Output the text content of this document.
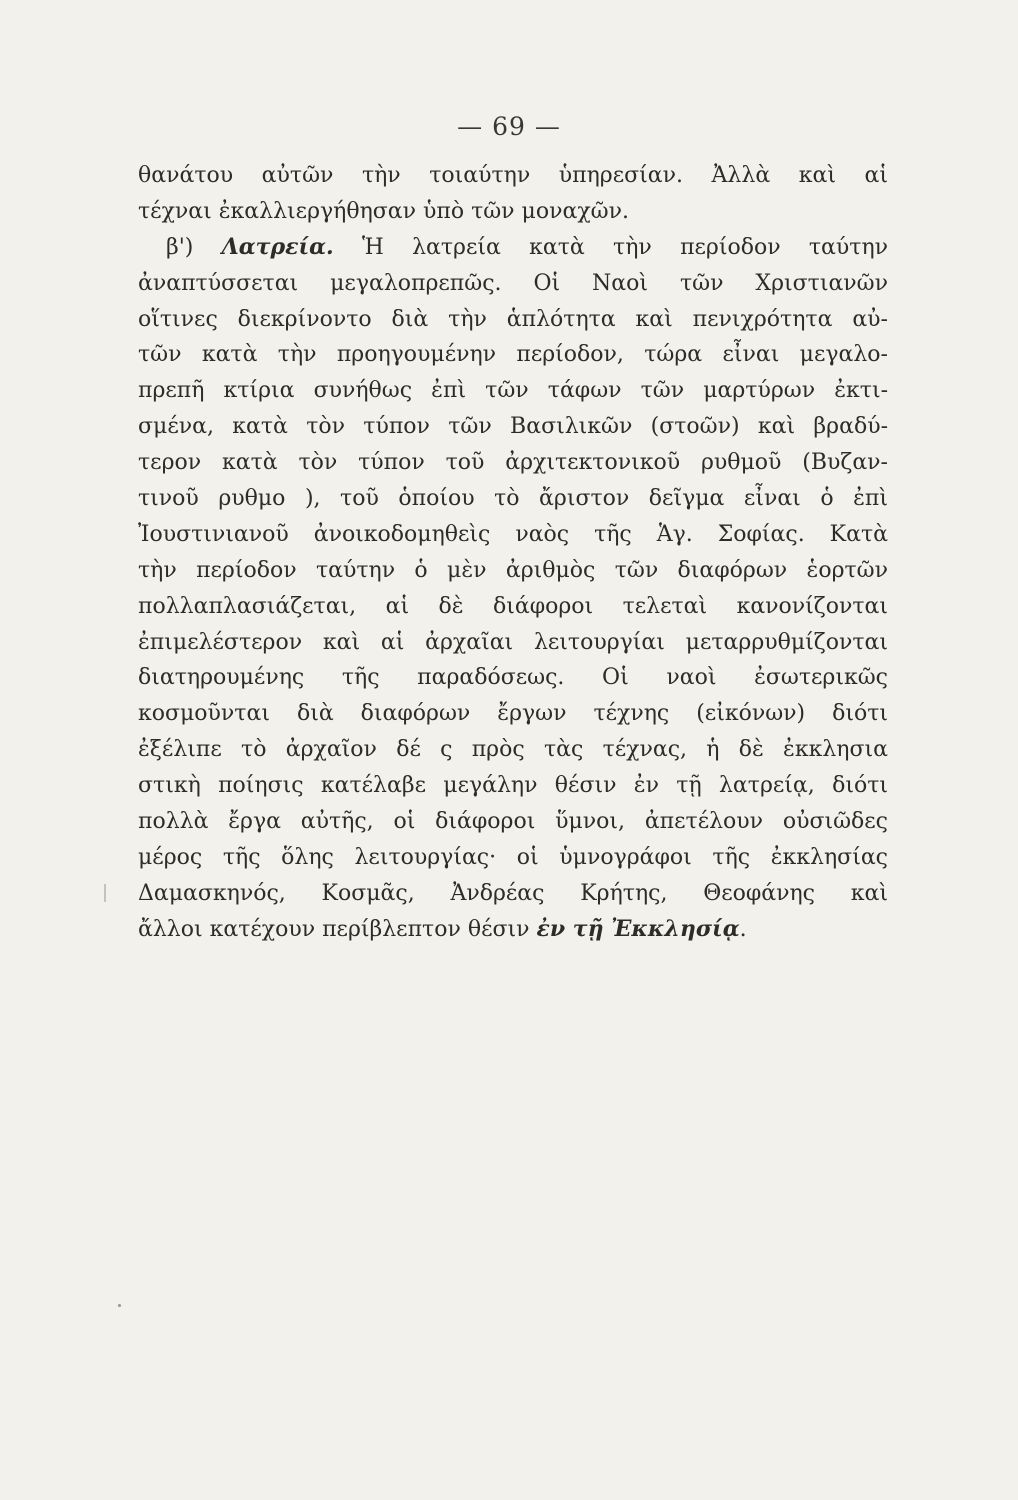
— 69 —
θανάτου αὐτῶν τὴν τοιαύτην ὑπηρεσίαν. Ἀλλὰ καὶ αἱ
τέχναι ἐκαλλιεργήθησαν ὑπὸ τῶν μοναχῶν.
β') Λατρεία. Ἡ λατρεία κατὰ τὴν περίοδον ταύτην
ἀναπτύσσεται μεγαλοπρεπῶς. Οἱ Ναοὶ τῶν Χριστιανῶν
οἵτινες διεκρίνοντο διὰ τὴν ἁπλότητα καὶ πενιχρότητα αὐ-
τῶν κατὰ τὴν προηγουμένην περίοδον, τώρα εἶναι μεγαλο-
πρεπῆ κτίρια συνήθως ἐπὶ τῶν τάφων τῶν μαρτύρων ἐκτι-
σμένα, κατὰ τὸν τύπον τῶν Βασιλικῶν (στοῶν) καὶ βραδύ-
τερον κατὰ τὸν τύπον τοῦ ἀρχιτεκτονικοῦ ρυθμοῦ (Βυζαν-
τινοῦ ρυθμο ), τοῦ ὁποίου τὸ ἄριστον δεῖγμα εἶναι ὁ ἐπὶ
Ἰουστινιανοῦ ἀνοικοδομηθεὶς ναὸς τῆς Ἁγ. Σοφίας. Κατὰ
τὴν περίοδον ταύτην ὁ μὲν ἀριθμὸς τῶν διαφόρων ἑορτῶν
πολλαπλασιάζεται, αἱ δὲ διάφοροι τελεταὶ κανονίζονται
ἐπιμελέστερον καὶ αἱ ἀρχαῖαι λειτουργίαι μεταρρυθμίζονται
διατηρουμένης τῆς παραδόσεως. Οἱ ναοὶ ἐσωτερικῶς
κοσμοῦνται διὰ διαφόρων ἔργων τέχνης (εἰκόνων) διότι
ἐξέλιπε τὸ ἀρχαῖον δέ ς πρὸς τὰς τέχνας, ἡ δὲ ἐκκλησια
στικὴ ποίησις κατέλαβε μεγάλην θέσιν ἐν τῇ λατρείᾳ, διότι
πολλὰ ἔργα αὐτῆς, οἱ διάφοροι ὕμνοι, ἀπετέλουν οὐσιῶδες
μέρος τῆς ὅλης λειτουργίας· οἱ ὑμνογράφοι τῆς ἐκκλησίας
Δαμασκηνός, Κοσμᾶς, Ἀνδρέας Κρήτης, Θεοφάνης καὶ
ἄλλοι κατέχουν περίβλεπτον θέσιν ἐν τῇ Ἐκκλησίᾳ.
